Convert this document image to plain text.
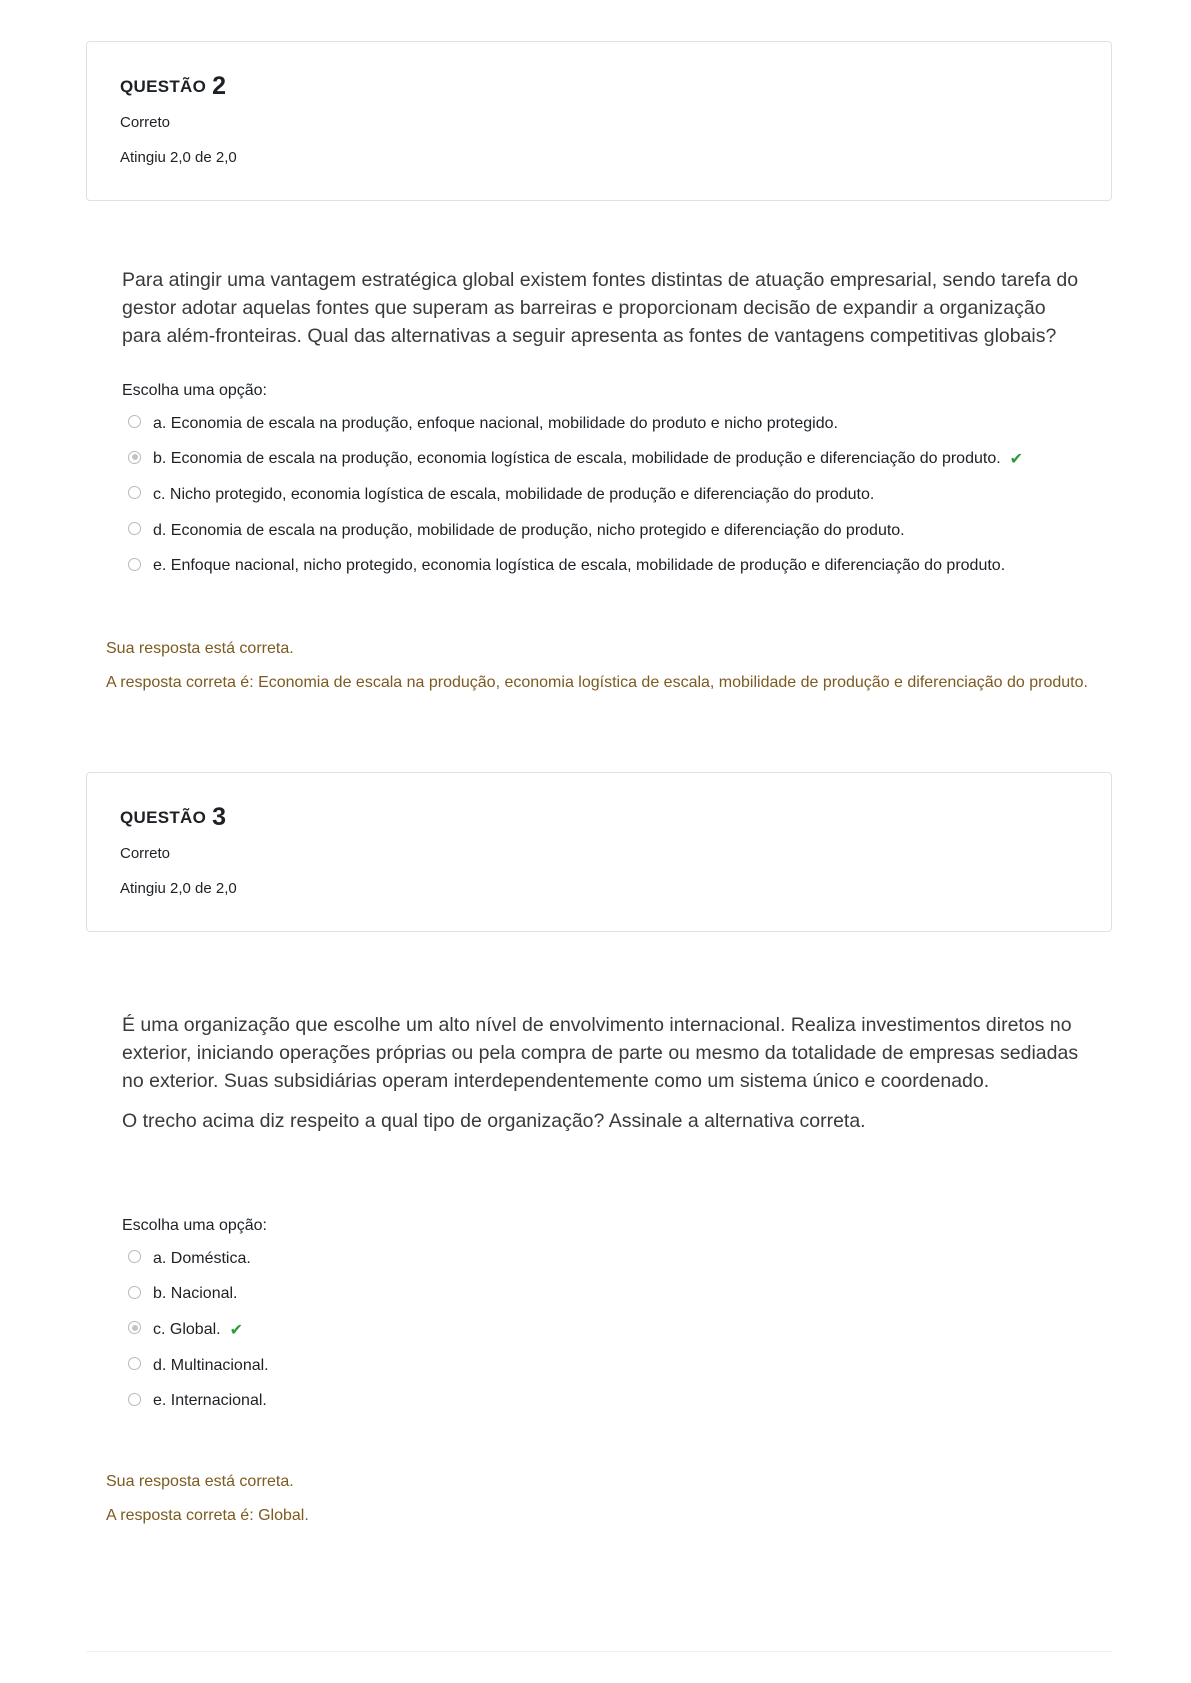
QUESTÃO 2
Correto
Atingiu 2,0 de 2,0

Para atingir uma vantagem estratégica global existem fontes distintas de atuação empresarial, sendo tarefa do gestor adotar aquelas fontes que superam as barreiras e proporcionam decisão de expandir a organização para além-fronteiras. Qual das alternativas a seguir apresenta as fontes de vantagens competitivas globais?

Escolha uma opção:
a. Economia de escala na produção, enfoque nacional, mobilidade do produto e nicho protegido.
b. Economia de escala na produção, economia logística de escala, mobilidade de produção e diferenciação do produto. ✔
c. Nicho protegido, economia logística de escala, mobilidade de produção e diferenciação do produto.
d. Economia de escala na produção, mobilidade de produção, nicho protegido e diferenciação do produto.
e. Enfoque nacional, nicho protegido, economia logística de escala, mobilidade de produção e diferenciação do produto.

Sua resposta está correta.

A resposta correta é: Economia de escala na produção, economia logística de escala, mobilidade de produção e diferenciação do produto.

QUESTÃO 3
Correto
Atingiu 2,0 de 2,0

É uma organização que escolhe um alto nível de envolvimento internacional. Realiza investimentos diretos no exterior, iniciando operações próprias ou pela compra de parte ou mesmo da totalidade de empresas sediadas no exterior. Suas subsidiárias operam interdependentemente como um sistema único e coordenado.

O trecho acima diz respeito a qual tipo de organização? Assinale a alternativa correta.

Escolha uma opção:
a. Doméstica.
b. Nacional.
c. Global. ✔
d. Multinacional.
e. Internacional.

Sua resposta está correta.

A resposta correta é: Global.
